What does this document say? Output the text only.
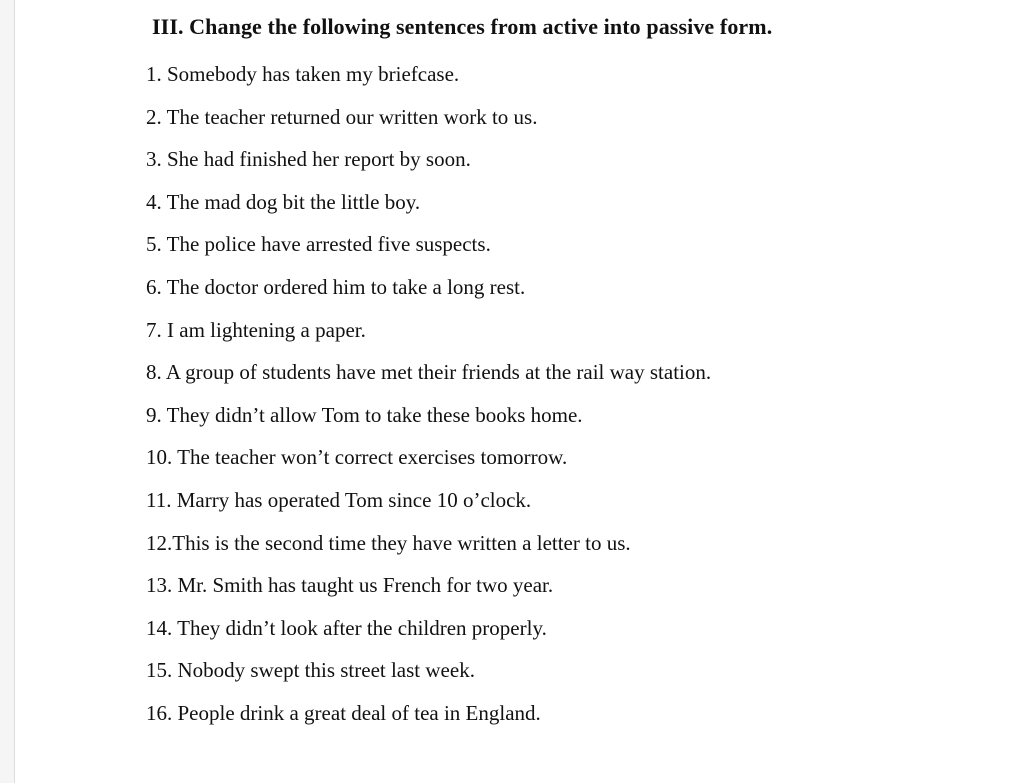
III. Change the following sentences from active into passive form.
1. Somebody has taken my briefcase.
2. The teacher returned our written work to us.
3. She had finished her report by soon.
4. The mad dog bit the little boy.
5. The police have arrested five suspects.
6. The doctor ordered him to take a long rest.
7. I am lightening a paper.
8. A group of students have met their friends at the rail way station.
9. They didn’t allow Tom to take these books home.
10. The teacher won’t correct exercises tomorrow.
11. Marry has operated Tom since 10 o’clock.
12.This is the second time they have written a letter to us.
13. Mr. Smith has taught us French for two year.
14. They didn’t look after the children properly.
15. Nobody swept this street last week.
16. People drink a great deal of tea in England.
